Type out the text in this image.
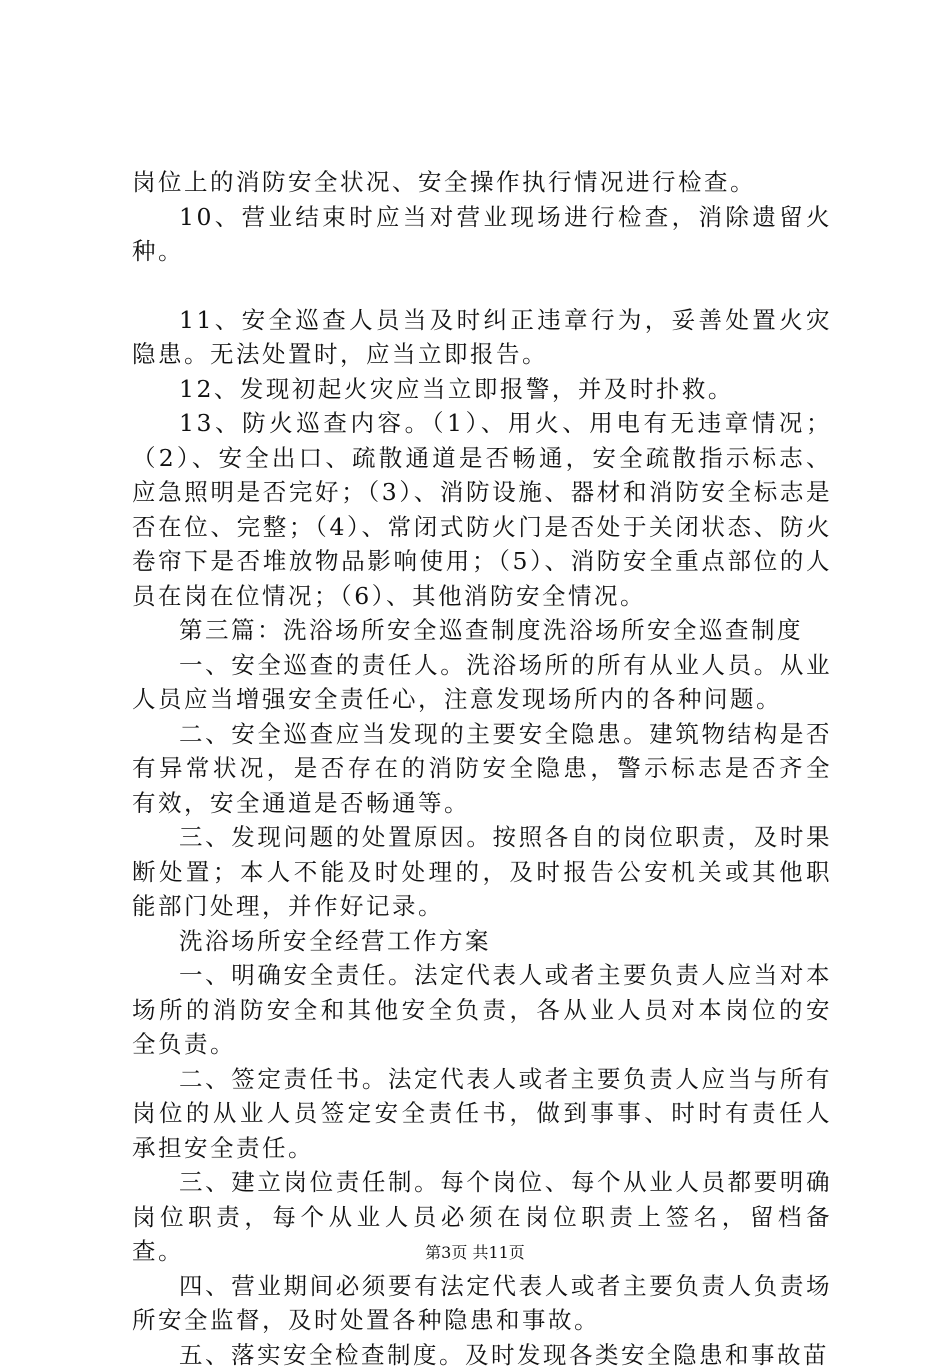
岗位上的消防安全状况、安全操作执行情况进行检查。

10、营业结束时应当对营业现场进行检查，消除遗留火种。

11、安全巡查人员当及时纠正违章行为，妥善处置火灾隐患。无法处置时，应当立即报告。

12、发现初起火灾应当立即报警，并及时扑救。

13、防火巡查内容。（1）、用火、用电有无违章情况；（2）、安全出口、疏散通道是否畅通，安全疏散指示标志、应急照明是否完好；（3）、消防设施、器材和消防安全标志是否在位、完整；（4）、常闭式防火门是否处于关闭状态、防火卷帘下是否堆放物品影响使用；（5）、消防安全重点部位的人员在岗在位情况；（6）、其他消防安全情况。

第三篇：洗浴场所安全巡查制度洗浴场所安全巡查制度

一、安全巡查的责任人。洗浴场所的所有从业人员。从业人员应当增强安全责任心，注意发现场所内的各种问题。

二、安全巡查应当发现的主要安全隐患。建筑物结构是否有异常状况，是否存在的消防安全隐患，警示标志是否齐全有效，安全通道是否畅通等。

三、发现问题的处置原因。按照各自的岗位职责，及时果断处置；本人不能及时处理的，及时报告公安机关或其他职能部门处理，并作好记录。

洗浴场所安全经营工作方案

一、明确安全责任。法定代表人或者主要负责人应当对本场所的消防安全和其他安全负责，各从业人员对本岗位的安全负责。

二、签定责任书。法定代表人或者主要负责人应当与所有岗位的从业人员签定安全责任书，做到事事、时时有责任人承担安全责任。

三、建立岗位责任制。每个岗位、每个从业人员都要明确岗位职责，每个从业人员必须在岗位职责上签名，留档备查。

四、营业期间必须要有法定代表人或者主要负责人负责场所安全监督，及时处置各种隐患和事故。

五、落实安全检查制度。及时发现各类安全隐患和事故苗

第3页 共11页
